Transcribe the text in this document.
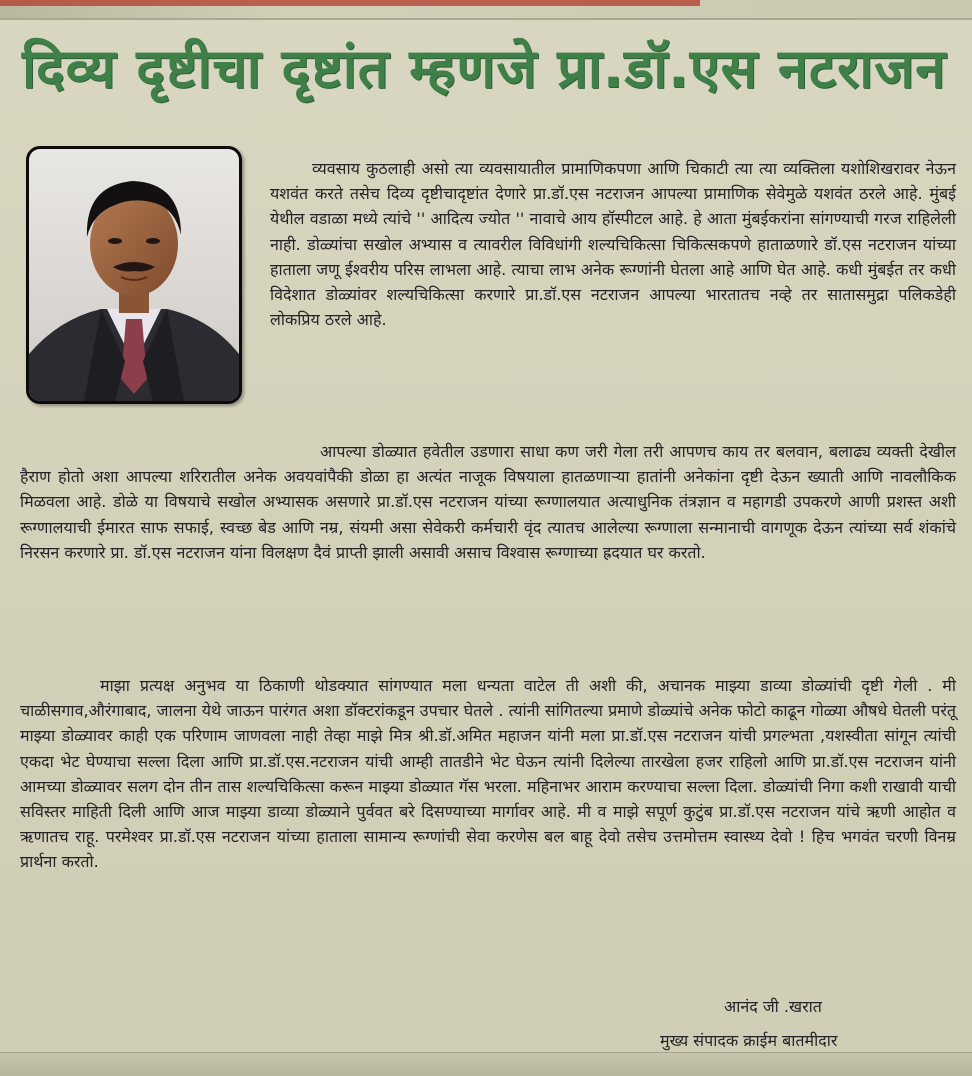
दिव्य दृष्टीचा दृष्टांत म्हणजे प्रा.डॉ.एस नटराजन

व्यवसाय कुठलाही असो त्या व्यवसायातील प्रामाणिकपणा आणि चिकाटी त्या त्या व्यक्तिला यशोशिखरावर नेऊन यशवंत करते तसेच दिव्य दृष्टीचादृष्टांत देणारे प्रा.डॉ.एस नटराजन आपल्या प्रामाणिक सेवेमुळे यशवंत ठरले आहे. मुंबई येथील वडाळा मध्ये त्यांचे '' आदित्य ज्योत '' नावाचे आय हॉस्पीटल आहे. हे आता मुंबईकरांना सांगण्याची गरज राहिलेली नाही. डोळ्यांचा सखोल अभ्यास व त्यावरील विविधांगी शल्यचिकित्सा चिकित्सकपणे हाताळणारे डॉ.एस नटराजन यांच्या हाताला जणू ईश्वरीय परिस लाभला आहे. त्याचा लाभ अनेक रूग्णांनी घेतला आहे आणि घेत आहे. कधी मुंबईत तर कधी विदेशात डोळ्यांवर शल्यचिकित्सा करणारे प्रा.डॉ.एस नटराजन आपल्या भारतातच नव्हे तर सातासमुद्रा पलिकडेही लोकप्रिय ठरले आहे.

आपल्या डोळ्यात हवेतील उडणारा साधा कण जरी गेला तरी आपणच काय तर बलवान, बलाढ्य व्यक्ती देखील हैराण होतो अशा आपल्या शरिरातील अनेक अवयवांपैकी डोळा हा अत्यंत नाजूक विषयाला हातळणाऱ्या हातांनी अनेकांना दृष्टी देऊन ख्याती आणि नावलौकिक मिळवला आहे. डोळे या विषयाचे सखोल अभ्यासक असणारे प्रा.डॉ.एस नटराजन यांच्या रूग्णालयात अत्याधुनिक तंत्रज्ञान व महागडी उपकरणे आणी प्रशस्त अशी रूग्णालयाची ईमारत साफ सफाई, स्वच्छ बेड आणि नम्र, संयमी असा सेवेकरी कर्मचारी वृंद त्यातच आलेल्या रूग्णाला सन्मानाची वागणूक देऊन त्यांच्या सर्व शंकांचे निरसन करणारे प्रा. डॉ.एस नटराजन यांना विलक्षण दैवं प्राप्ती झाली असावी असाच विश्वास रूग्णाच्या ह्रदयात घर करतो.

माझा प्रत्यक्ष अनुभव या ठिकाणी थोडक्यात सांगण्यात मला धन्यता वाटेल ती अशी की, अचानक माझ्या डाव्या डोळ्यांची दृष्टी गेली . मी चाळीसगाव,औरंगाबाद, जालना येथे जाऊन पारंगत अशा डॉक्टरांकडून उपचार घेतले . त्यांनी सांगितल्या प्रमाणे डोळ्यांचे अनेक फोटो काढून गोळ्या औषधे घेतली परंतू माझ्या डोळ्यावर काही एक परिणाम जाणवला नाही तेव्हा माझे मित्र श्री.डॉ.अमित महाजन यांनी मला प्रा.डॉ.एस नटराजन यांची प्रगल्भता ,यशस्वीता सांगून त्यांची एकदा भेट घेण्याचा सल्ला दिला आणि प्रा.डॉ.एस.नटराजन यांची आम्ही तातडीने भेट घेऊन त्यांनी दिलेल्या तारखेला हजर राहिलो आणि प्रा.डॉ.एस नटराजन यांनी आमच्या डोळ्यावर सलग दोन तीन तास शल्यचिकित्सा करून माझ्या डोळ्यात गॅस भरला. महिनाभर आराम करण्याचा सल्ला दिला. डोळ्यांची निगा कशी राखावी याची सविस्तर माहिती दिली आणि आज माझ्या डाव्या डोळ्याने पुर्ववत बरे दिसण्याच्या मार्गावर आहे. मी व माझे सपूर्ण कुटुंब प्रा.डॉ.एस नटराजन यांचे ऋणी आहोत व ऋणातच राहू. परमेश्वर प्रा.डॉ.एस नटराजन यांच्या हाताला सामान्य रूग्णांची सेवा करणेस बल बाहू देवो तसेच उत्तमोत्तम स्वास्थ्य देवो ! हिच भगवंत चरणी विनम्र प्रार्थना करतो.

आनंद जी .खरात
मुख्य संपादक क्राईम बातमीदार
